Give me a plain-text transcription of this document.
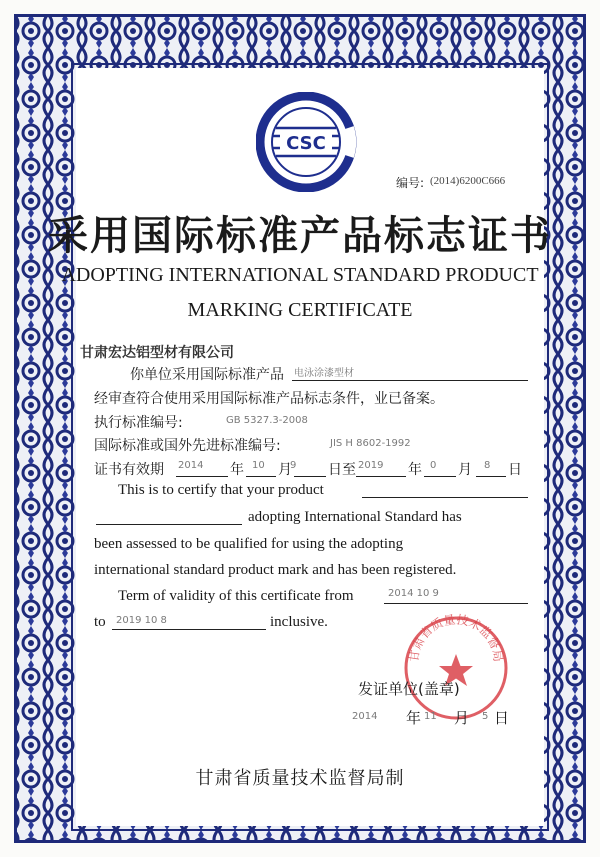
CSC
编号: (2014)6200C666
采用国际标准产品标志证书
ADOPTING INTERNATIONAL STANDARD PRODUCT
MARKING CERTIFICATE
甘肃宏达铝型材有限公司
你单位采用国际标准产品 电泳涂漆型材
经审查符合使用采用国际标准产品标志条件，业已备案。
执行标准编号:	GB 5327.3-2008
国际标准或国外先进标准编号:	JIS H 8602-1992
证书有效期 2014 年 10 月
9 日至 2019 年 0 月 8 日
This is to certify that your product
adopting International Standard has
been assessed to be qualified for using the adopting
international standard product mark and has been registered.
Term of validity of this certificate from	2014 10 9
to 2019 10 8	inclusive.
甘肃省质量技术监督局
发证单位(盖章)
2014 年 11 月 5 日
甘肃省质量技术监督局制
